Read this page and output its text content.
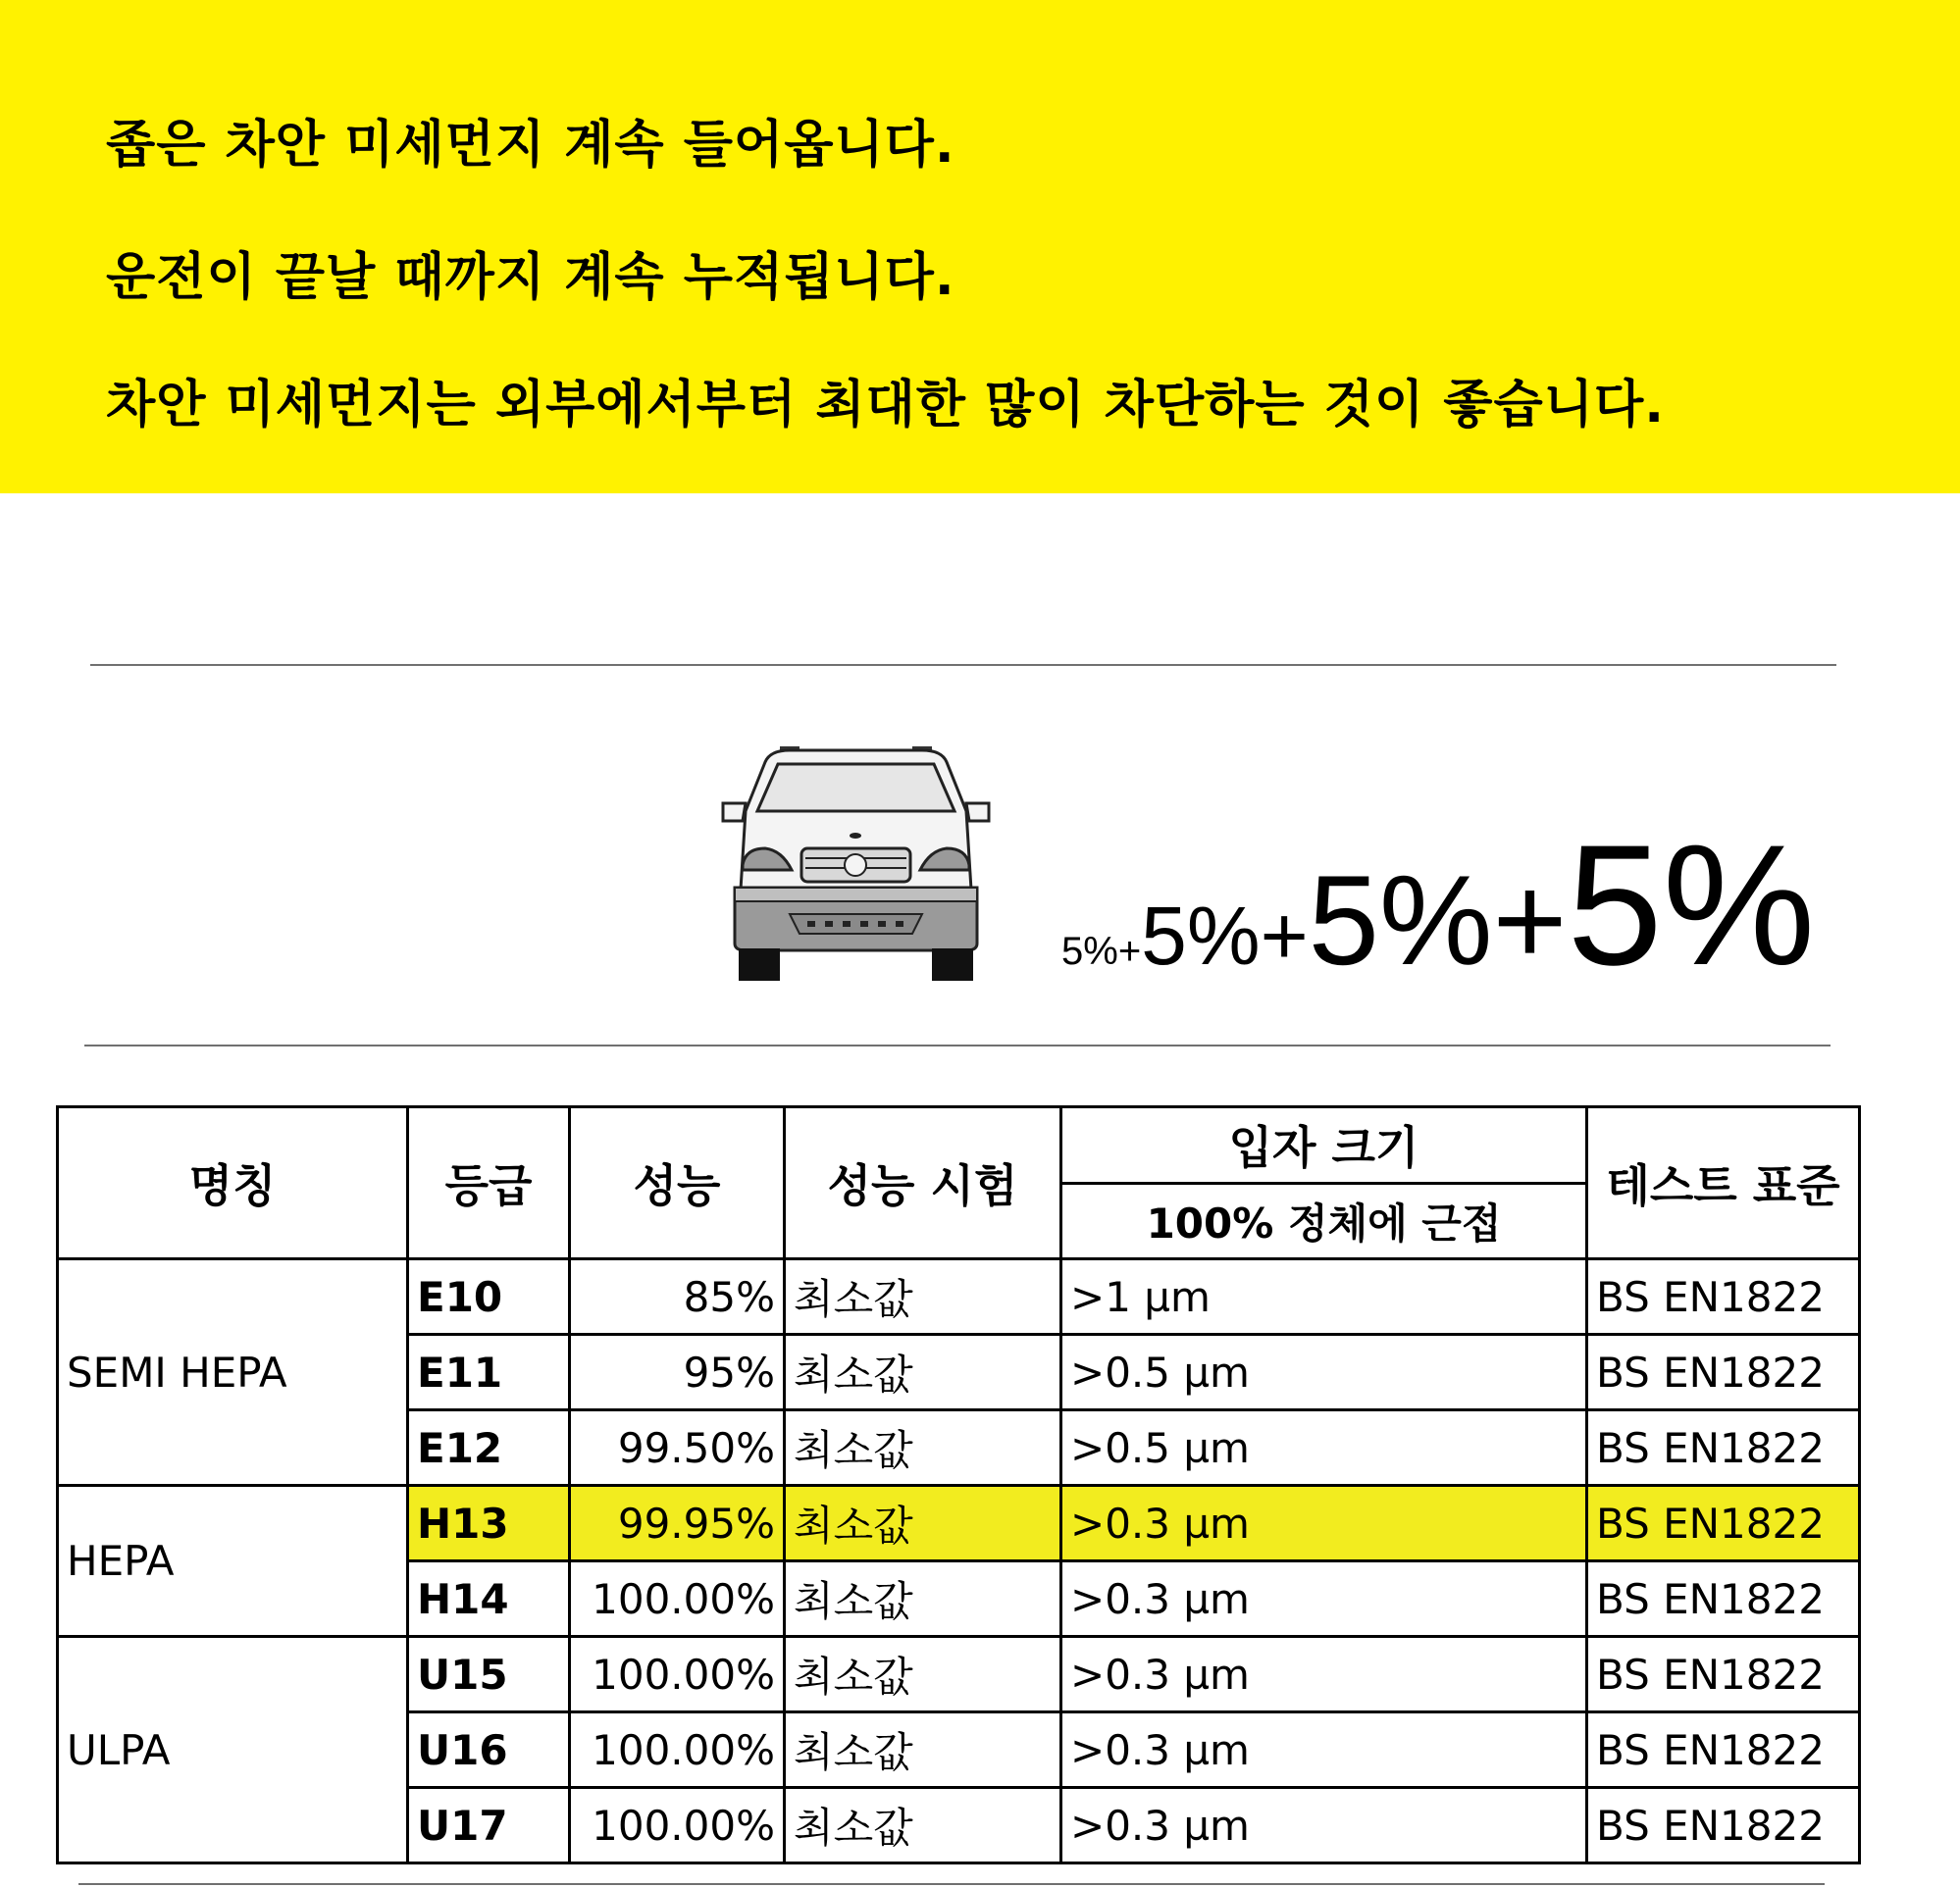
좁은 차안 미세먼지 계속 들어옵니다.
운전이 끝날 때까지 계속 누적됩니다.
차안 미세먼지는 외부에서부터 최대한 많이 차단하는 것이 좋습니다.
5%+5%+5%+5%
명칭	등급	성능	성능 시험	입자 크기	테스트 표준
				100% 정체에 근접	
SEMI HEPA	E10	85%	최소값	>1 µm	BS EN1822
	E11	95%	최소값	>0.5 µm	BS EN1822
	E12	99.50%	최소값	>0.5 µm	BS EN1822
HEPA	H13	99.95%	최소값	>0.3 µm	BS EN1822
	H14	100.00%	최소값	>0.3 µm	BS EN1822
ULPA	U15	100.00%	최소값	>0.3 µm	BS EN1822
	U16	100.00%	최소값	>0.3 µm	BS EN1822
	U17	100.00%	최소값	>0.3 µm	BS EN1822
